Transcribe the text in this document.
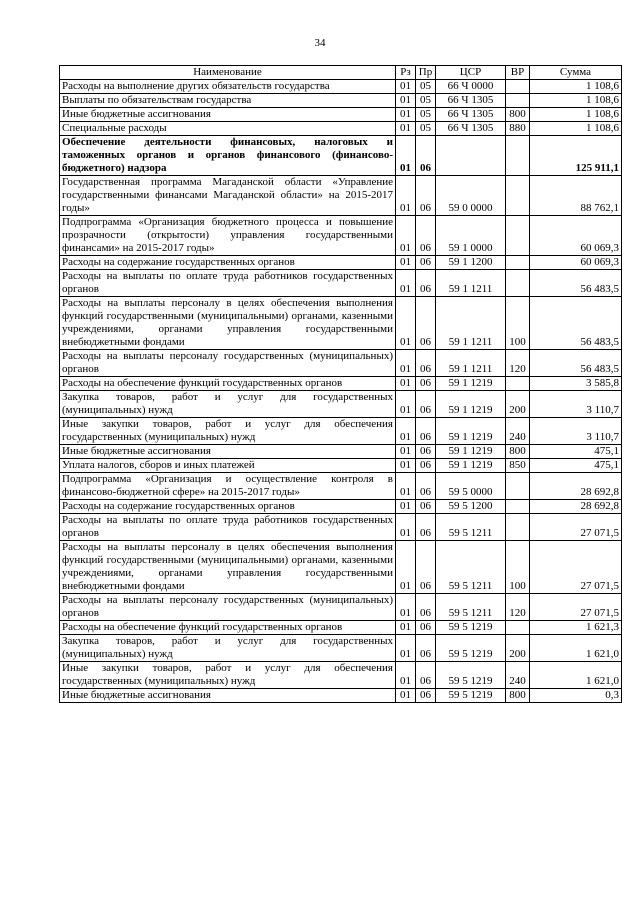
34
Наименование	Рз	Пр	ЦСР	ВР	Сумма
Расходы на выполнение других обязательств государства	01	05	66 Ч 0000		1 108,6
Выплаты по обязательствам государства	01	05	66 Ч 1305		1 108,6
Иные бюджетные ассигнования	01	05	66 Ч 1305	800	1 108,6
Специальные расходы	01	05	66 Ч 1305	880	1 108,6
Обеспечение деятельности финансовых, налоговых и таможенных органов и органов финансового (финансово-бюджетного) надзора	01	06			125 911,1
Государственная программа Магаданской области «Управление государственными финансами Магаданской области» на 2015-2017 годы»	01	06	59 0 0000		88 762,1
Подпрограмма «Организация бюджетного процесса и повышение прозрачности (открытости) управления государственными финансами» на 2015-2017 годы»	01	06	59 1 0000		60 069,3
Расходы на содержание государственных органов	01	06	59 1 1200		60 069,3
Расходы на выплаты по оплате труда работников государственных органов	01	06	59 1 1211		56 483,5
Расходы на выплаты персоналу в целях обеспечения выполнения функций государственными (муниципальными) органами, казенными учреждениями, органами управления государственными внебюджетными фондами	01	06	59 1 1211	100	56 483,5
Расходы на выплаты персоналу государственных (муниципальных) органов	01	06	59 1 1211	120	56 483,5
Расходы на обеспечение функций государственных органов	01	06	59 1 1219		3 585,8
Закупка товаров, работ и услуг для государственных (муниципальных) нужд	01	06	59 1 1219	200	3 110,7
Иные закупки товаров, работ и услуг для обеспечения государственных (муниципальных) нужд	01	06	59 1 1219	240	3 110,7
Иные бюджетные ассигнования	01	06	59 1 1219	800	475,1
Уплата налогов, сборов и иных платежей	01	06	59 1 1219	850	475,1
Подпрограмма «Организация и осуществление контроля в финансово-бюджетной сфере» на 2015-2017 годы»	01	06	59 5 0000		28 692,8
Расходы на содержание государственных органов	01	06	59 5 1200		28 692,8
Расходы на выплаты по оплате труда работников государственных органов	01	06	59 5 1211		27 071,5
Расходы на выплаты персоналу в целях обеспечения выполнения функций государственными (муниципальными) органами, казенными учреждениями, органами управления государственными внебюджетными фондами	01	06	59 5 1211	100	27 071,5
Расходы на выплаты персоналу государственных (муниципальных) органов	01	06	59 5 1211	120	27 071,5
Расходы на обеспечение функций государственных органов	01	06	59 5 1219		1 621,3
Закупка товаров, работ и услуг для государственных (муниципальных) нужд	01	06	59 5 1219	200	1 621,0
Иные закупки товаров, работ и услуг для обеспечения государственных (муниципальных) нужд	01	06	59 5 1219	240	1 621,0
Иные бюджетные ассигнования	01	06	59 5 1219	800	0,3
